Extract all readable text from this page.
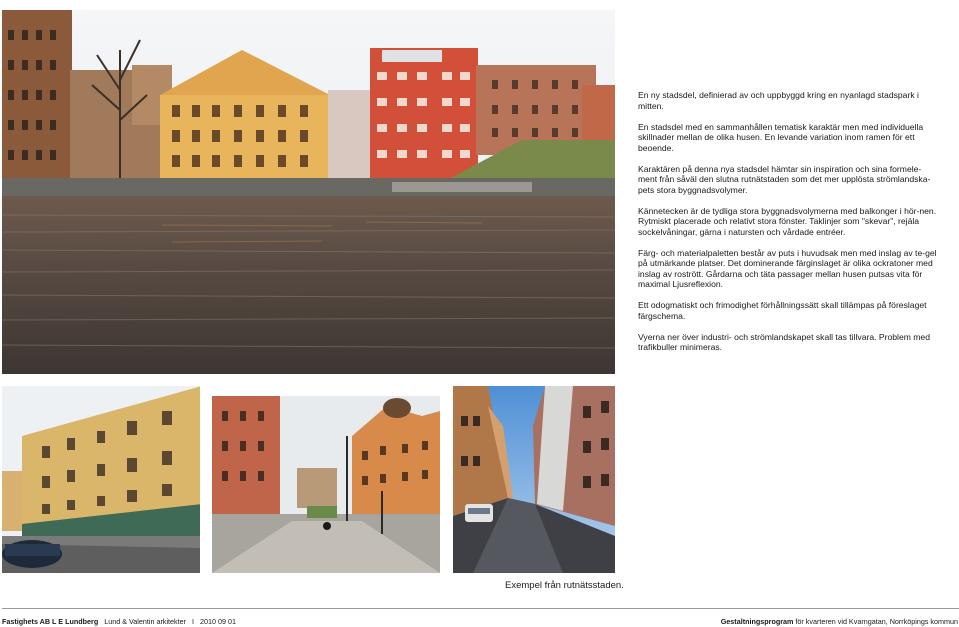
En ny stadsdel, definierad av och uppbyggd kring en nyanlagd stadspark i mitten.

En stadsdel med en sammanhållen tematisk karaktär men med individuella skillnader mellan de olika husen. En levande variation inom ramen för ett beoende.

Karaktären på denna nya stadsdel hämtar sin inspiration och sina formele-ment från såväl den slutna rutnätstaden som det mer upplösta strömlandska-pets stora byggnadsvolymer.

Kännetecken är de tydliga stora byggnadsvolymerna med balkonger i hör-nen. Rytmiskt placerade och relativt stora fönster. Taklinjer som "skevar", rejäla sockelvåningar, gärna i natursten och vårdade entréer.

Färg- och materialpaletten består av puts i huvudsak men med inslag av te-gel på utmärkande platser. Det dominerande färginslaget är olika ockratoner med inslag av rostrött. Gårdarna och täta passager mellan husen putsas vita för maximal Ljusreflexion.

Ett odogmatiskt och frimodighet förhållningssätt skall tillämpas på föreslaget färgschema.

Vyerna ner över industri- och strömlandskapet skall tas tillvara. Problem med trafikbuller minimeras.

Exempel från rutnätsstaden.
Fastighets AB L E Lundberg Lund & Valentin arkitekter I 2010 09 01	Gestaltningsprogram för kvarteren vid Kvarngatan, Norrköpings kommun
